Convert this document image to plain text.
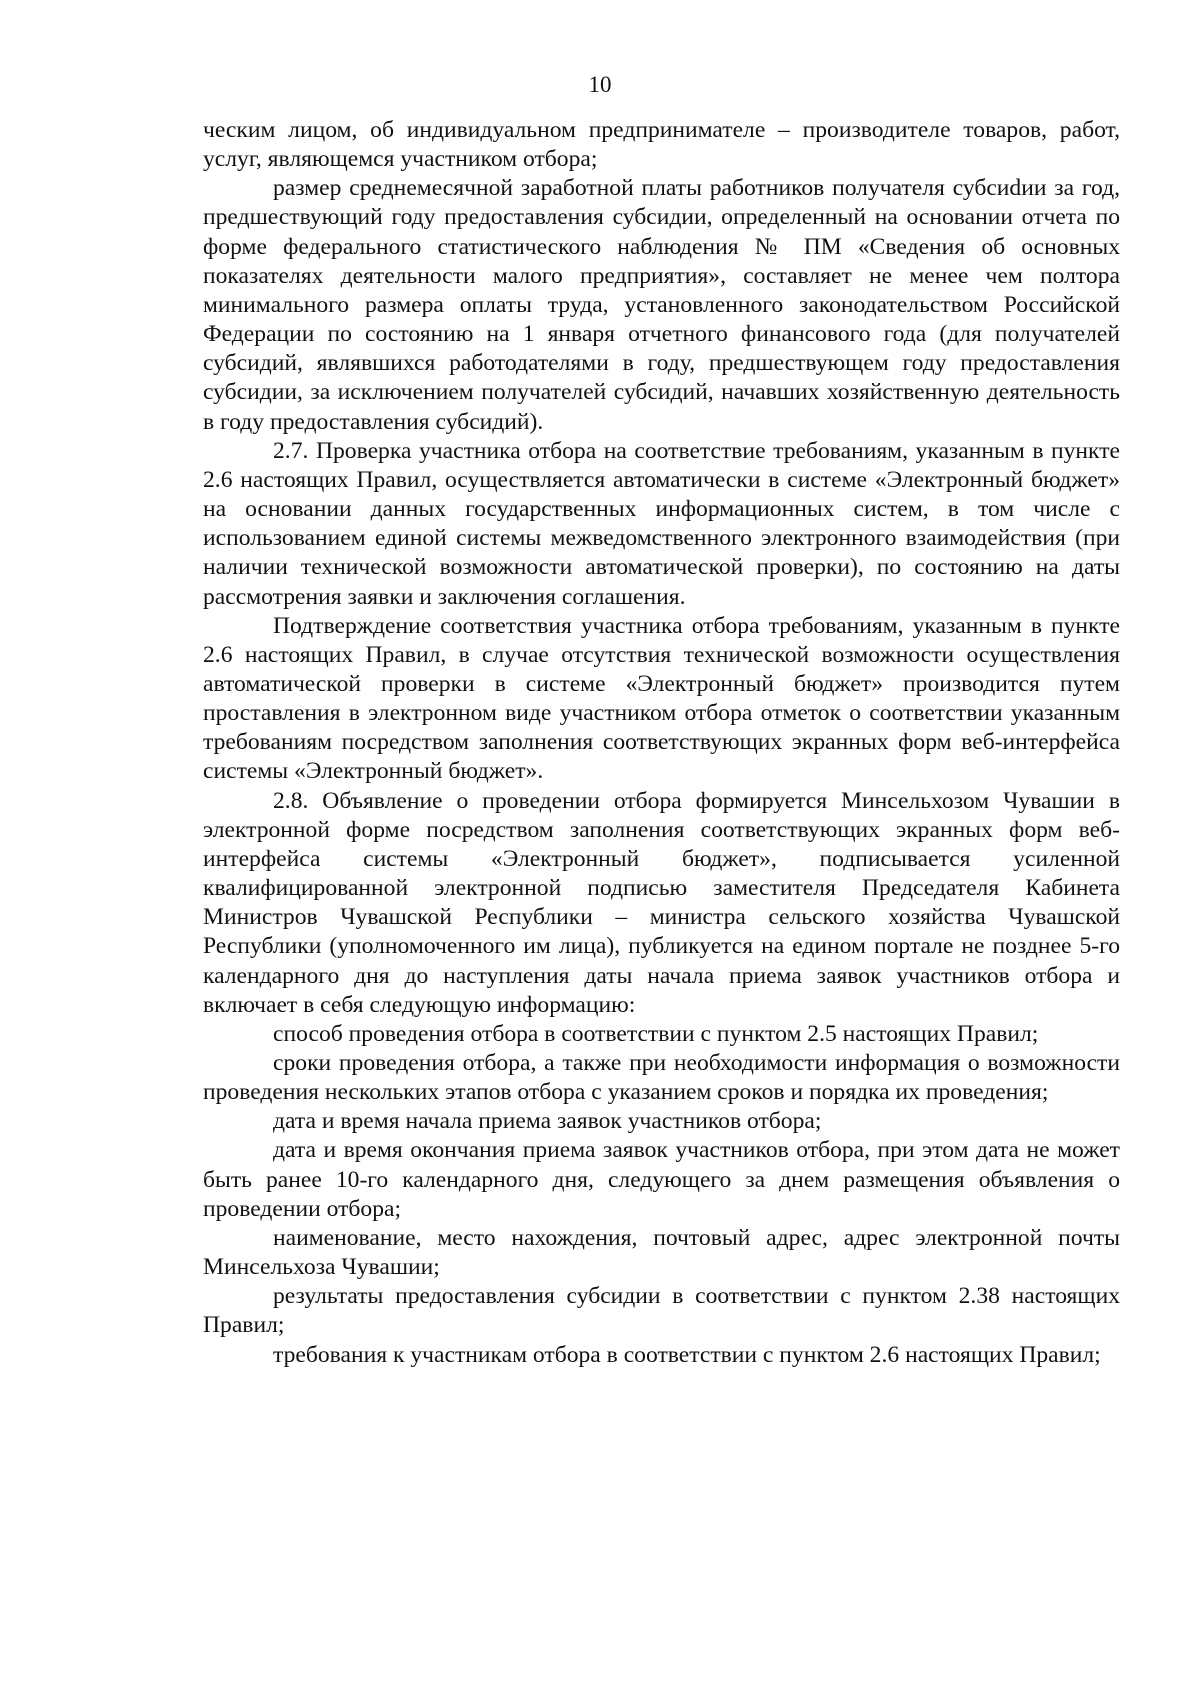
10

ческим лицом, об индивидуальном предпринимателе – производителе товаров, работ, услуг, являющемся участником отбора;

размер среднемесячной заработной платы работников получателя субсиdии за год, предшествующий году предоставления субсидии, определенный на основании отчета по форме федерального статистического наблюдения № ПМ «Сведения об основных показателях деятельности малого предприятия», составляет не менее чем полтора минимального размера оплаты труда, установленного законодательством Российской Федерации по состоянию на 1 января отчетного финансового года (для получателей субсидий, являвшихся работодателями в году, предшествующем году предоставления субсидии, за исключением получателей субсидий, начавших хозяйственную деятельность в году предоставления субсидий).

2.7. Проверка участника отбора на соответствие требованиям, указанным в пункте 2.6 настоящих Правил, осуществляется автоматически в системе «Электронный бюджет» на основании данных государственных информационных систем, в том числе с использованием единой системы межведомственного электронного взаимодействия (при наличии технической возможности автоматической проверки), по состоянию на даты рассмотрения заявки и заключения соглашения.

Подтверждение соответствия участника отбора требованиям, указанным в пункте 2.6 настоящих Правил, в случае отсутствия технической возможности осуществления автоматической проверки в системе «Электронный бюджет» производится путем проставления в электронном виде участником отбора отметок о соответствии указанным требованиям посредством заполнения соответствующих экранных форм веб-интерфейса системы «Электронный бюджет».

2.8. Объявление о проведении отбора формируется Минсельхозом Чувашии в электронной форме посредством заполнения соответствующих экранных форм веб-интерфейса системы «Электронный бюджет», подписывается усиленной квалифицированной электронной подписью заместителя Председателя Кабинета Министров Чувашской Республики – министра сельского хозяйства Чувашской Республики (уполномоченного им лица), публикуется на едином портале не позднее 5-го календарного дня до наступления даты начала приема заявок участников отбора и включает в себя следующую информацию:

способ проведения отбора в соответствии с пунктом 2.5 настоящих Правил;

сроки проведения отбора, а также при необходимости информация о возможности проведения нескольких этапов отбора с указанием сроков и порядка их проведения;

дата и время начала приема заявок участников отбора;

дата и время окончания приема заявок участников отбора, при этом дата не может быть ранее 10-го календарного дня, следующего за днем размещения объявления о проведении отбора;

наименование, место нахождения, почтовый адрес, адрес электронной почты Минсельхоза Чувашии;

результаты предоставления субсидии в соответствии с пунктом 2.38 настоящих Правил;

требования к участникам отбора в соответствии с пунктом 2.6 настоящих Правил;
